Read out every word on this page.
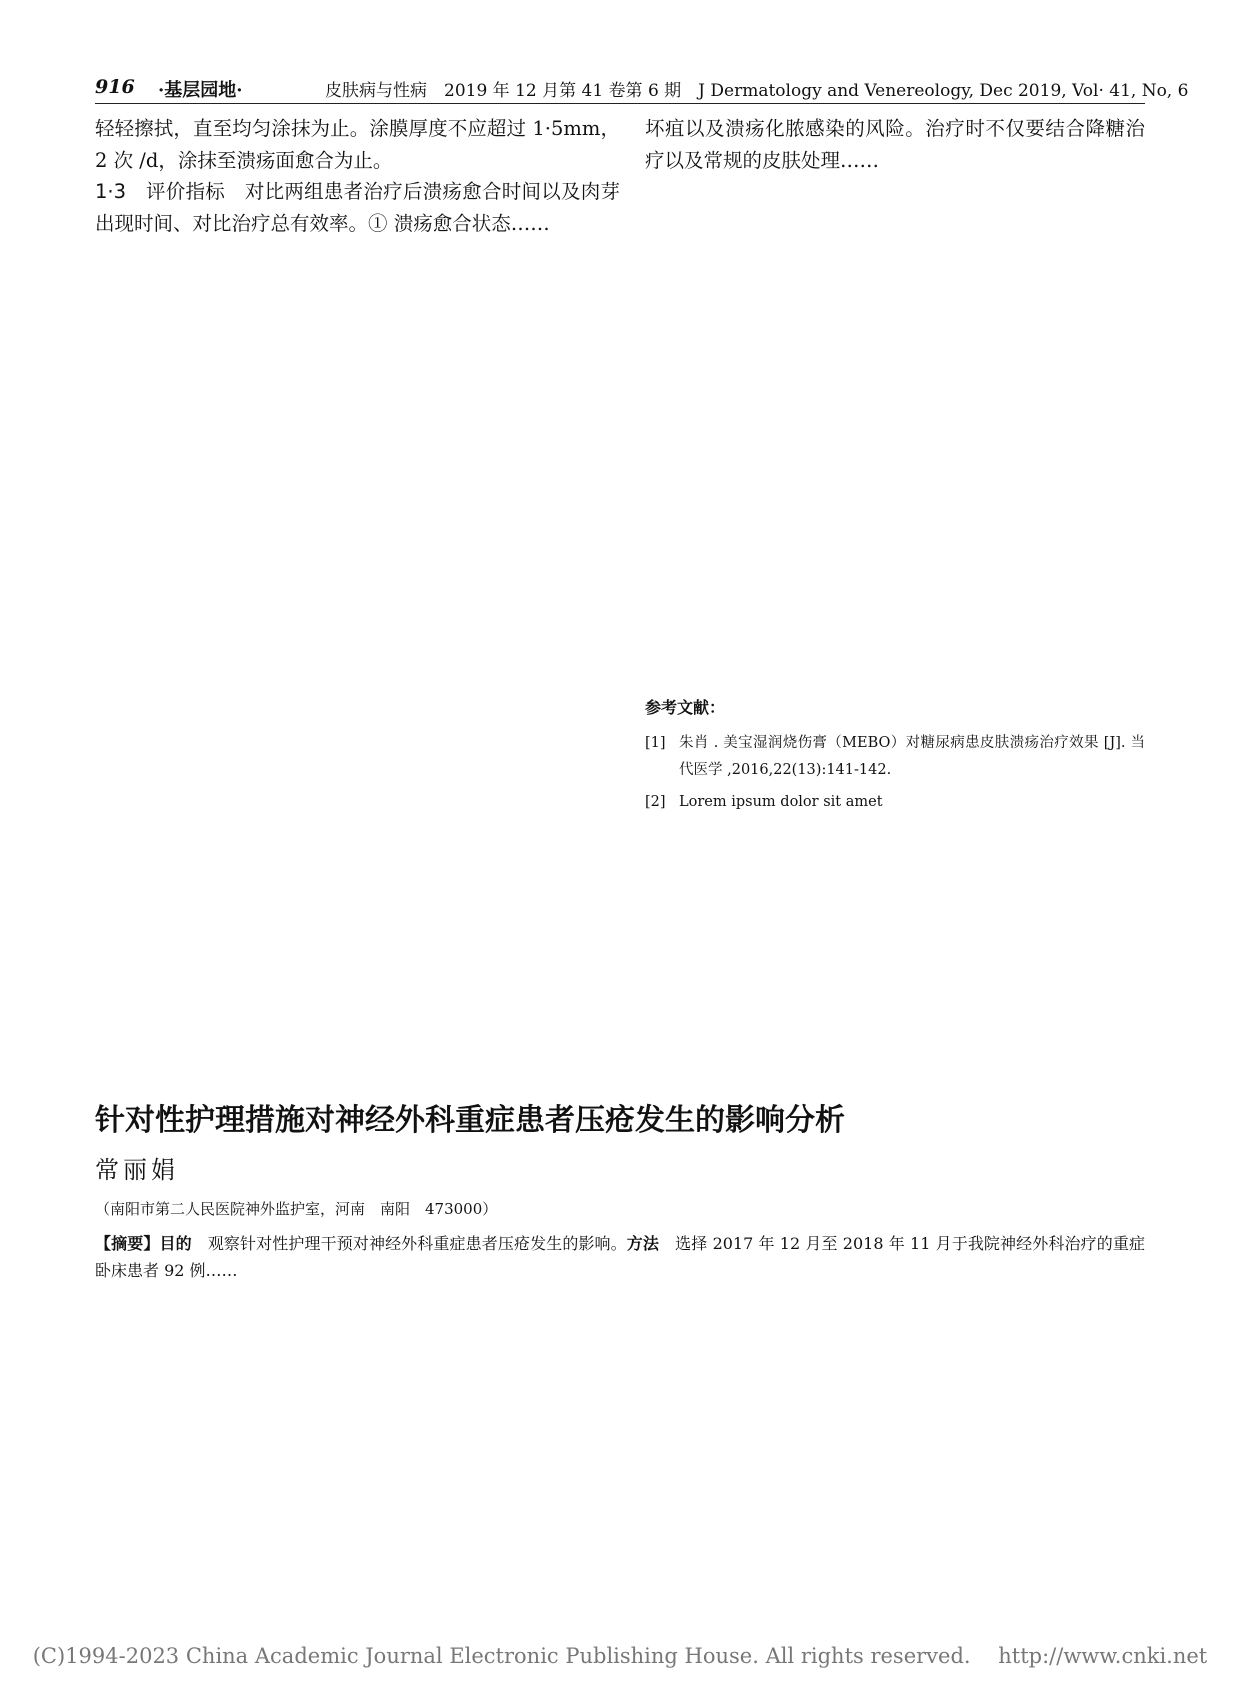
916 ·基层园地·	皮肤病与性病　2019 年 12 月第 41 卷第 6 期　J Dermatology and Venereology, Dec 2019, Vol· 41, No, 6

轻轻擦拭，直至均匀涂抹为止。涂膜厚度不应超过 1·5mm，2 次 /d，涂抹至溃疡面愈合为止。

1·3　评价指标　对比两组患者治疗后溃疡愈合时间以及肉芽出现时间、对比治疗总有效率。① 溃疡愈合状态……

坏疽以及溃疡化脓感染的风险。治疗时不仅要结合降糖治疗以及常规的皮肤处理……

参考文献：
[1] 朱肖 . 美宝湿润烧伤膏（MEBO）对糖尿病患皮肤溃疡治疗效果 [J]. 当代医学 ,2016,22(13):141-142.
[2] Lorem ipsum dolor sit amet
针对性护理措施对神经外科重症患者压疮发生的影响分析
常丽娟
（南阳市第二人民医院神外监护室，河南　南阳　473000）

【摘要】目的　观察针对性护理干预对神经外科重症患者压疮发生的影响。方法　选择 2017 年 12 月至 2018 年 11 月于我院神经外科治疗的重症卧床患者 92 例……

(C)1994-2023 China Academic Journal Electronic Publishing House. All rights reserved.　 http://www.cnki.net
